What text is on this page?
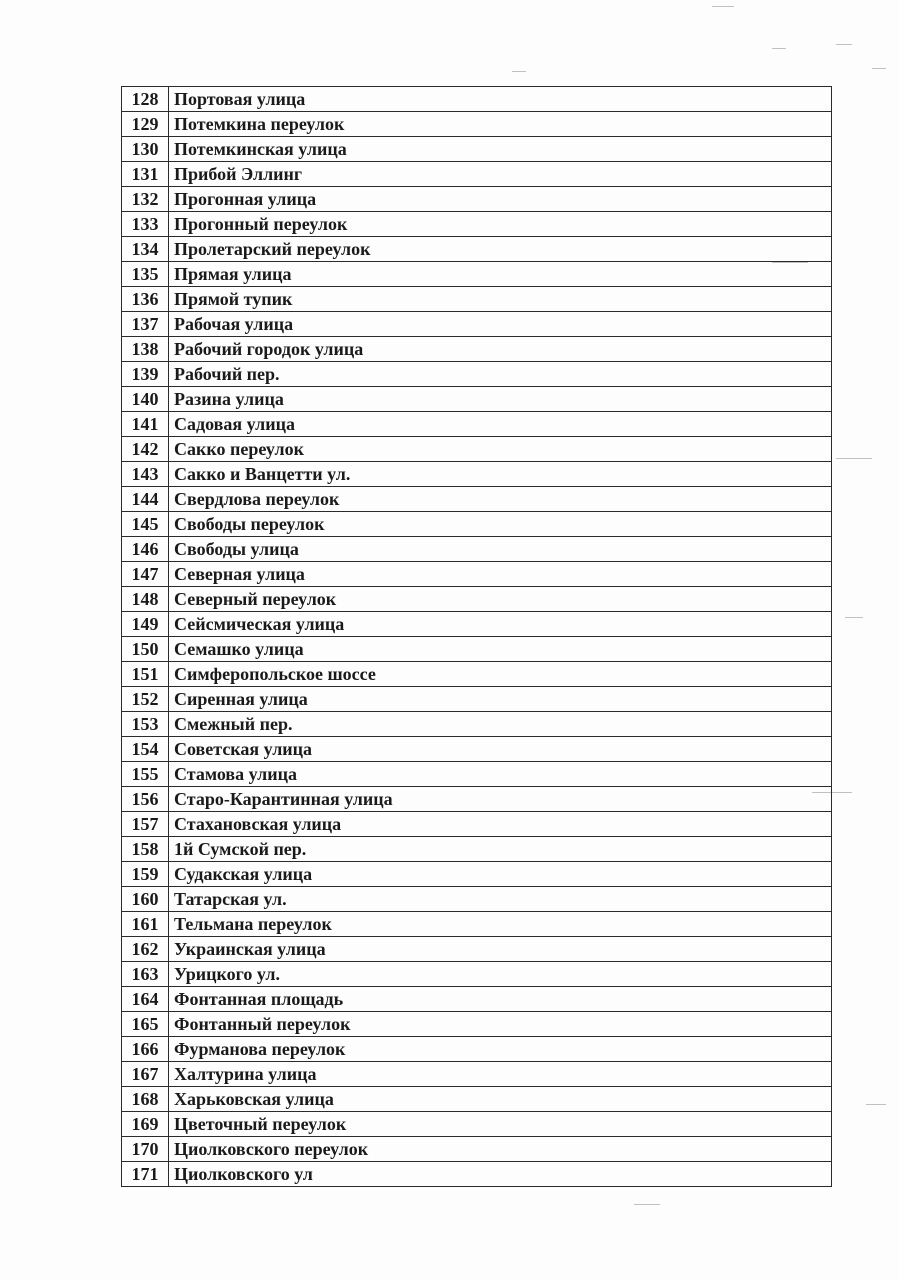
128	Портовая улица
129	Потемкина переулок
130	Потемкинская улица
131	Прибой Эллинг
132	Прогонная улица
133	Прогонный переулок
134	Пролетарский переулок
135	Прямая улица
136	Прямой тупик
137	Рабочая улица
138	Рабочий городок улица
139	Рабочий пер.
140	Разина улица
141	Садовая улица
142	Сакко переулок
143	Сакко и Ванцетти ул.
144	Свердлова переулок
145	Свободы переулок
146	Свободы улица
147	Северная улица
148	Северный переулок
149	Сейсмическая улица
150	Семашко улица
151	Симферопольское шоссе
152	Сиренная улица
153	Смежный пер.
154	Советская улица
155	Стамова улица
156	Старо-Карантинная улица
157	Стахановская улица
158	1й Сумской пер.
159	Судакская улица
160	Татарская ул.
161	Тельмана переулок
162	Украинская улица
163	Урицкого ул.
164	Фонтанная площадь
165	Фонтанный переулок
166	Фурманова переулок
167	Халтурина улица
168	Харьковская улица
169	Цветочный переулок
170	Циолковского переулок
171	Циолковского ул
